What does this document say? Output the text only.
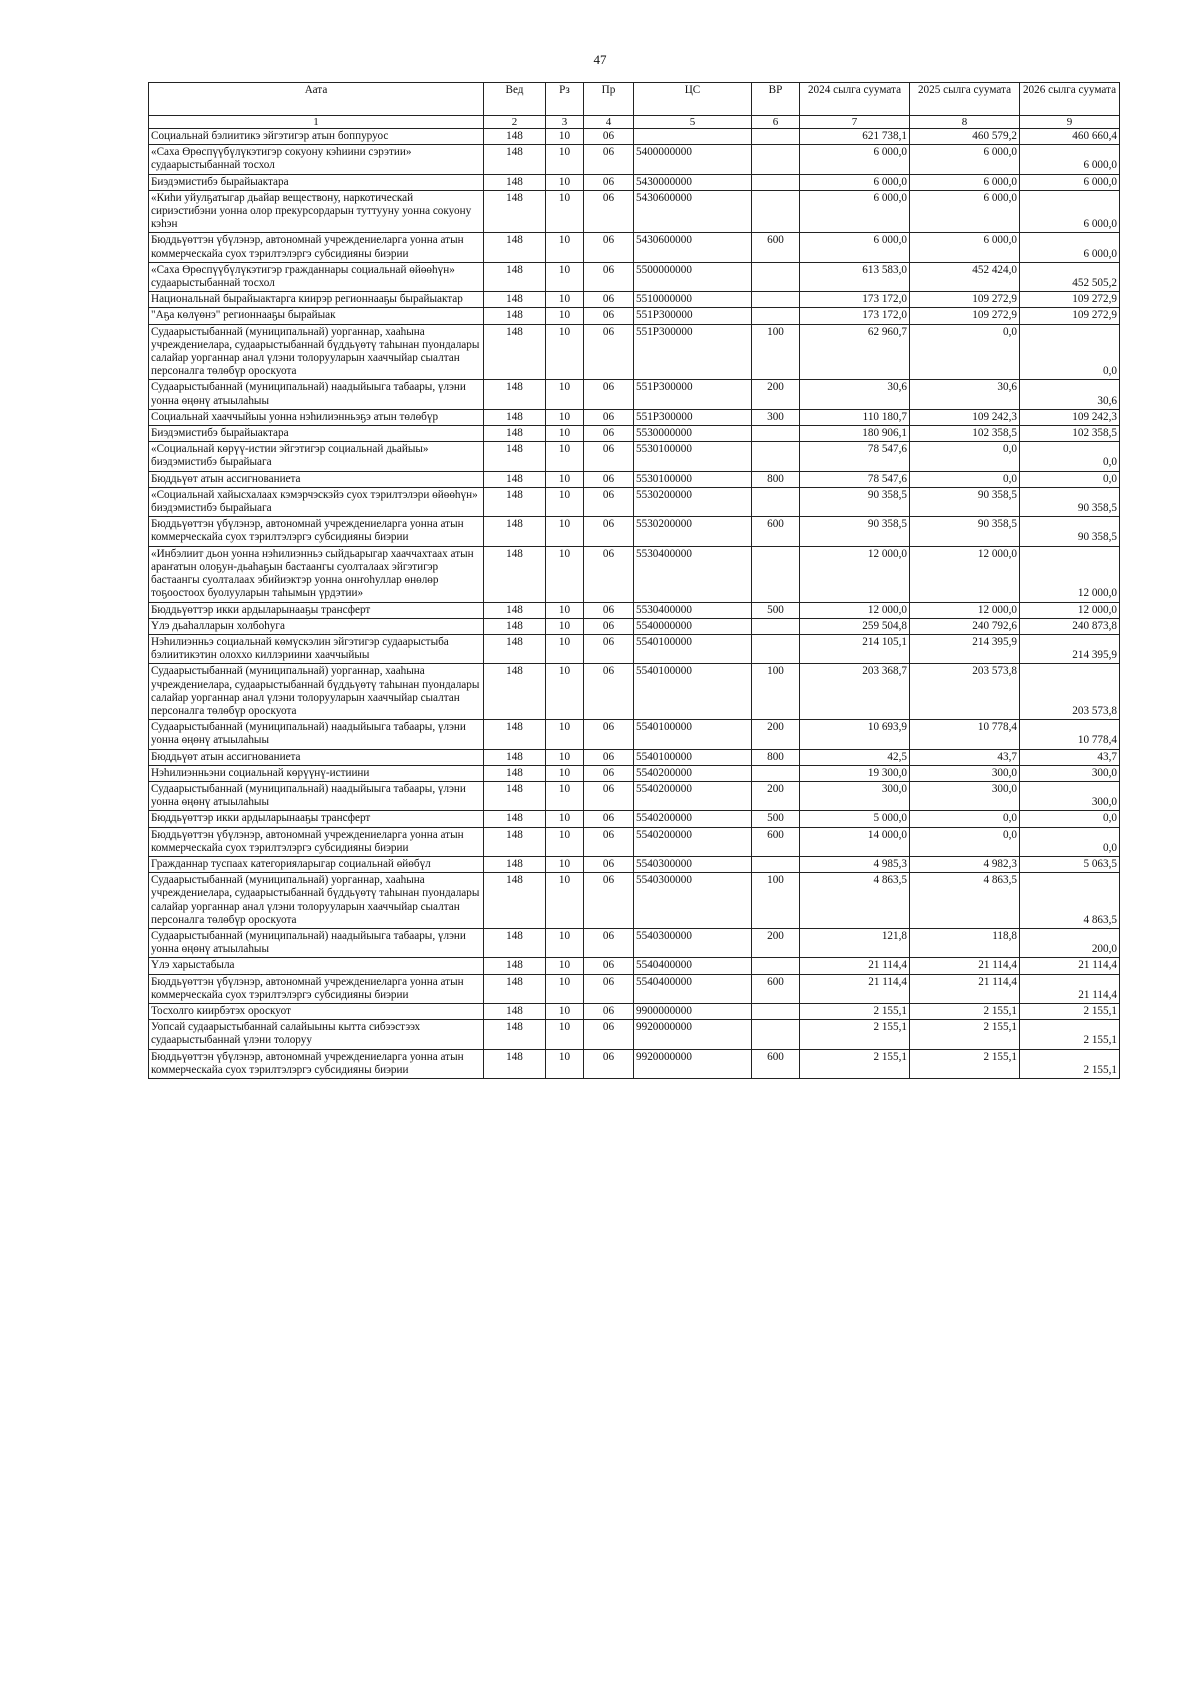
47
Аата	Вед	Рз	Пр	ЦС	ВР	2024 сылга суумата	2025 сылга суумата	2026 сылга суумата
1	2	3	4	5	6	7	8	9
Социальнай бэлиитикэ эйгэтигэр атын боппуруос	148	10	06			621 738,1	460 579,2	460 660,4
«Саха Өрөспүүбүлүкэтигэр сокуону кэһиини сэрэтии» судаарыстыбаннай тосхол	148	10	06	5400000000		6 000,0	6 000,0	6 000,0
Биэдэмистибэ бырайыактара	148	10	06	5430000000		6 000,0	6 000,0	6 000,0
«Киһи уйулҕатыгар дьайар веществону, наркотическай сириэстибэни уонна олор прекурсордарын туттууну уонна сокуону кэһэн	148	10	06	5430600000		6 000,0	6 000,0	6 000,0
Бюддьүөттэн үбүлэнэр, автономнай учреждениеларга уонна атын коммерческайа суох тэрилтэлэргэ субсидияны биэрии	148	10	06	5430600000	600	6 000,0	6 000,0	6 000,0
«Саха Өрөспүүбүлүкэтигэр гражданнары социальнай өйөөһүн» судаарыстыбаннай тосхол	148	10	06	5500000000		613 583,0	452 424,0	452 505,2
Национальнай бырайыактарга киирэр регионнааҕы бырайыактар	148	10	06	5510000000		173 172,0	109 272,9	109 272,9
"Аҕа көлүөнэ" регионнааҕы бырайыак	148	10	06	551P300000		173 172,0	109 272,9	109 272,9
Судаарыстыбаннай (муниципальнай) уорганнар, хааһына учреждениелара, судаарыстыбаннай бүддьүөтү таһынан пуондалары салайар уорганнар анал үлэни толорууларын хааччыйар сыалтан персоналга төлөбүр ороскуота	148	10	06	551P300000	100	62 960,7	0,0	0,0
Судаарыстыбаннай (муниципальнай) наадыйыыга табаары, үлэни уонна өңөнү атыылаһыы	148	10	06	551P300000	200	30,6	30,6	30,6
Социальнай хааччыйыы уонна нэһилиэнньэҕэ атын төлөбүр	148	10	06	551P300000	300	110 180,7	109 242,3	109 242,3
Биэдэмистибэ бырайыактара	148	10	06	5530000000		180 906,1	102 358,5	102 358,5
«Социальнай көрүү-истии эйгэтигэр социальнай дьайыы» биэдэмистибэ бырайыага	148	10	06	5530100000		78 547,6	0,0	0,0
Бюддьүөт атын ассигнованиета	148	10	06	5530100000	800	78 547,6	0,0	0,0
«Социальнай хайысхалаах кэмэрчэскэйэ суох тэрилтэлэри өйөөһүн» биэдэмистибэ бырайыага	148	10	06	5530200000		90 358,5	90 358,5	90 358,5
Бюддьүөттэн үбүлэнэр, автономнай учреждениеларга уонна атын коммерческайа суох тэрилтэлэргэ субсидияны биэрии	148	10	06	5530200000	600	90 358,5	90 358,5	90 358,5
«Инбэлиит дьон уонна нэһилиэнньэ сыйдьарыгар хааччахтаах атын араҥатын олоҕун-дьаһаҕын бастаангы суолталаах эйгэтигэр бастаангы суолталаах эбийиэктэр уонна онҥоһуллар өнөлөр тоҕоостоох буолууларын таһымын үрдэтии»	148	10	06	5530400000		12 000,0	12 000,0	12 000,0
Бюддьүөттэр икки ардыларынааҕы трансферт	148	10	06	5530400000	500	12 000,0	12 000,0	12 000,0
Үлэ дьаһалларын холбоһуга	148	10	06	5540000000		259 504,8	240 792,6	240 873,8
Нэһилиэнньэ социальнай көмүскэлин эйгэтигэр судаарыстыба бэлиитикэтин олоххо киллэриини хааччыйыы	148	10	06	5540100000		214 105,1	214 395,9	214 395,9
Судаарыстыбаннай (муниципальнай) уорганнар, хааһына учреждениелара, судаарыстыбаннай бүддьүөтү таһынан пуондалары салайар уорганнар анал үлэни толорууларын хааччыйар сыалтан персоналга төлөбүр ороскуота	148	10	06	5540100000	100	203 368,7	203 573,8	203 573,8
Судаарыстыбаннай (муниципальнай) наадыйыыга табаары, үлэни уонна өңөнү атыылаһыы	148	10	06	5540100000	200	10 693,9	10 778,4	10 778,4
Бюддьүөт атын ассигнованиета	148	10	06	5540100000	800	42,5	43,7	43,7
Нэһилиэнньэни социальнай көрүүнү-истиини	148	10	06	5540200000		19 300,0	300,0	300,0
Судаарыстыбаннай (муниципальнай) наадыйыыга табаары, үлэни уонна өңөнү атыылаһыы	148	10	06	5540200000	200	300,0	300,0	300,0
Бюддьүөттэр икки ардыларынааҕы трансферт	148	10	06	5540200000	500	5 000,0	0,0	0,0
Бюддьүөттэн үбүлэнэр, автономнай учреждениеларга уонна атын коммерческайа суох тэрилтэлэргэ субсидияны биэрии	148	10	06	5540200000	600	14 000,0	0,0	0,0
Гражданнар туспаах категорияларыгар социальнай өйөбүл	148	10	06	5540300000		4 985,3	4 982,3	5 063,5
Судаарыстыбаннай (муниципальнай) уорганнар, хааһына учреждениелара, судаарыстыбаннай бүддьүөтү таһынан пуондалары салайар уорганнар анал үлэни толорууларын хааччыйар сыалтан персоналга төлөбүр ороскуота	148	10	06	5540300000	100	4 863,5	4 863,5	4 863,5
Судаарыстыбаннай (муниципальнай) наадыйыыга табаары, үлэни уонна өңөнү атыылаһыы	148	10	06	5540300000	200	121,8	118,8	200,0
Үлэ харыстабыла	148	10	06	5540400000		21 114,4	21 114,4	21 114,4
Бюддьүөттэн үбүлэнэр, автономнай учреждениеларга уонна атын коммерческайа суох тэрилтэлэргэ субсидияны биэрии	148	10	06	5540400000	600	21 114,4	21 114,4	21 114,4
Тосхолго киирбэтэх ороскуот	148	10	06	9900000000		2 155,1	2 155,1	2 155,1
Уопсай судаарыстыбаннай салайыыны кытта сибээстээх судаарыстыбаннай үлэни толоруу	148	10	06	9920000000		2 155,1	2 155,1	2 155,1
Бюддьүөттэн үбүлэнэр, автономнай учреждениеларга уонна атын коммерческайа суох тэрилтэлэргэ субсидияны биэрии	148	10	06	9920000000	600	2 155,1	2 155,1	2 155,1
